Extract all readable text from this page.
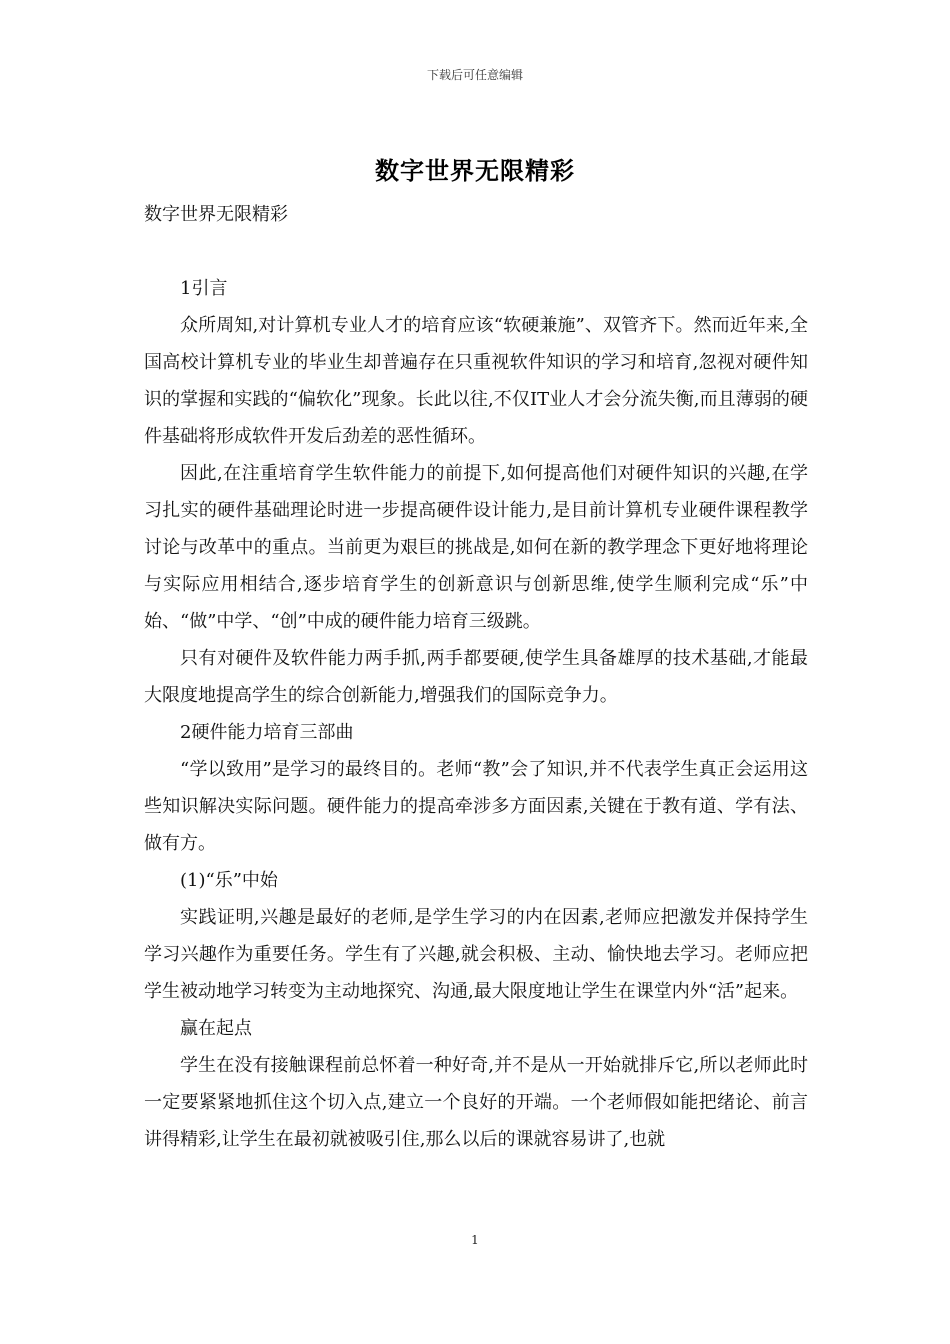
下载后可任意编辑
数字世界无限精彩

数字世界无限精彩

1引言

众所周知,对计算机专业人才的培育应该“软硬兼施”、双管齐下。然而近年来,全国高校计算机专业的毕业生却普遍存在只重视软件知识的学习和培育,忽视对硬件知识的掌握和实践的“偏软化”现象。长此以往,不仅IT业人才会分流失衡,而且薄弱的硬件基础将形成软件开发后劲差的恶性循环。

因此,在注重培育学生软件能力的前提下,如何提高他们对硬件知识的兴趣,在学习扎实的硬件基础理论时进一步提高硬件设计能力,是目前计算机专业硬件课程教学讨论与改革中的重点。当前更为艰巨的挑战是,如何在新的教学理念下更好地将理论与实际应用相结合,逐步培育学生的创新意识与创新思维,使学生顺利完成“乐”中始、“做”中学、“创”中成的硬件能力培育三级跳。

只有对硬件及软件能力两手抓,两手都要硬,使学生具备雄厚的技术基础,才能最大限度地提高学生的综合创新能力,增强我们的国际竞争力。

2硬件能力培育三部曲

“学以致用”是学习的最终目的。老师“教”会了知识,并不代表学生真正会运用这些知识解决实际问题。硬件能力的提高牵涉多方面因素,关键在于教有道、学有法、做有方。

(1)“乐”中始

实践证明,兴趣是最好的老师,是学生学习的内在因素,老师应把激发并保持学生学习兴趣作为重要任务。学生有了兴趣,就会积极、主动、愉快地去学习。老师应把学生被动地学习转变为主动地探究、沟通,最大限度地让学生在课堂内外“活”起来。

赢在起点

学生在没有接触课程前总怀着一种好奇,并不是从一开始就排斥它,所以老师此时一定要紧紧地抓住这个切入点,建立一个良好的开端。一个老师假如能把绪论、前言讲得精彩,让学生在最初就被吸引住,那么以后的课就容易讲了,也就

1
